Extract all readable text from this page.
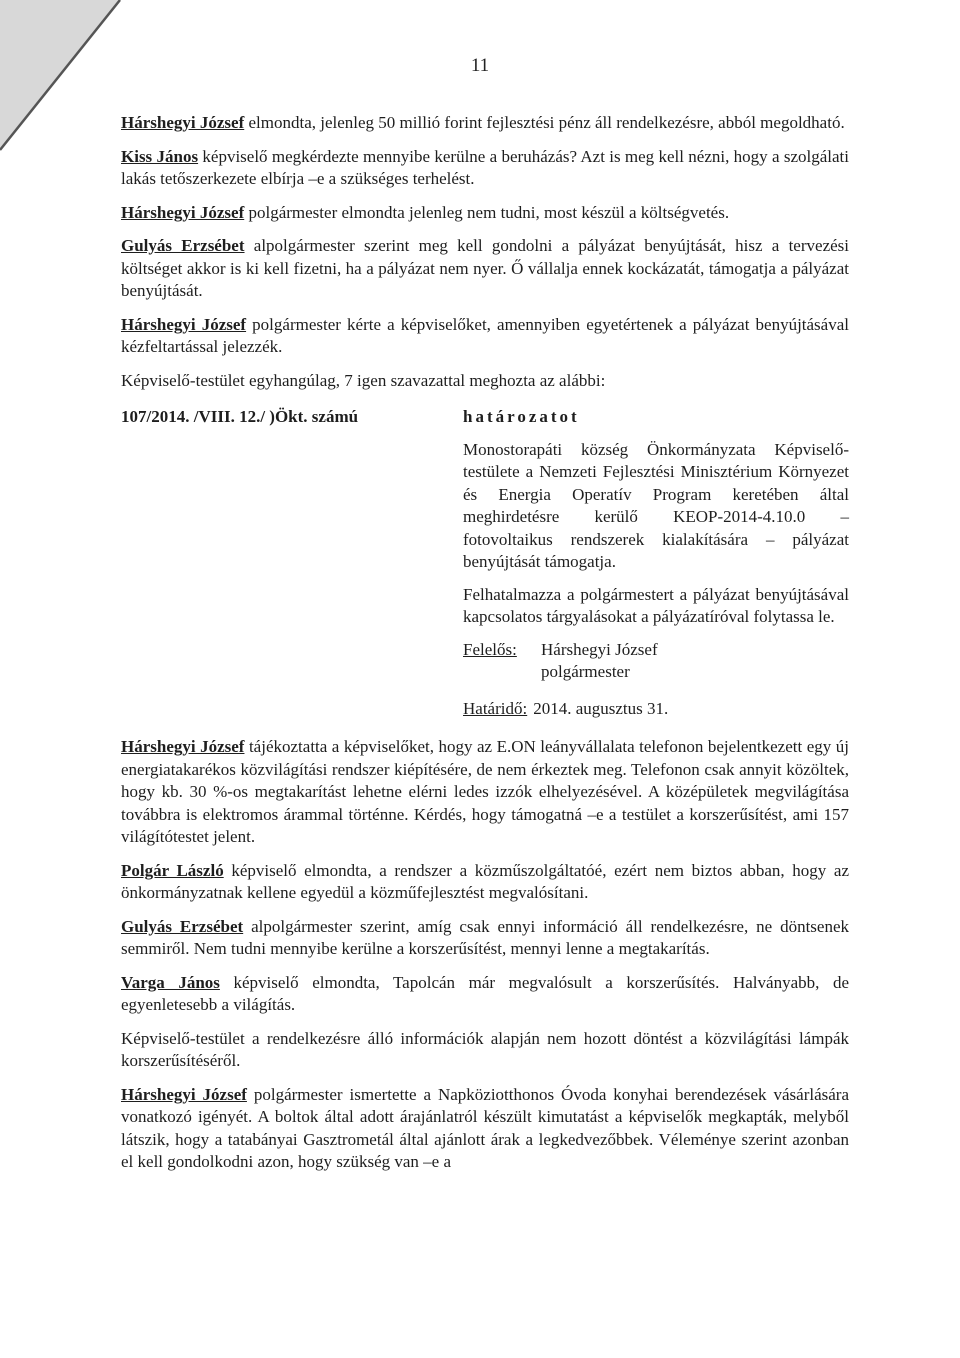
11

Hárshegyi József elmondta, jelenleg 50 millió forint fejlesztési pénz áll rendelkezésre, abból megoldható.

Kiss János képviselő megkérdezte mennyibe kerülne a beruházás? Azt is meg kell nézni, hogy a szolgálati lakás tetőszerkezete elbírja –e a szükséges terhelést.

Hárshegyi József polgármester elmondta jelenleg nem tudni, most készül a költségvetés.

Gulyás Erzsébet alpolgármester szerint meg kell gondolni a pályázat benyújtását, hisz a tervezési költséget akkor is ki kell fizetni, ha a pályázat nem nyer. Ő vállalja ennek kockázatát, támogatja a pályázat benyújtását.

Hárshegyi József polgármester kérte a képviselőket, amennyiben egyetértenek a pályázat benyújtásával kézfeltartással jelezzék.

Képviselő-testület egyhangúlag, 7 igen szavazattal meghozta az alábbi:

107/2014. /VIII. 12./ )Ökt. számú	határozatot
Monostorapáti község Önkormányzata Képviselő-testülete a Nemzeti Fejlesztési Minisztérium Környezet és Energia Operatív Program keretében által meghirdetésre kerülő KEOP-2014-4.10.0 – fotovoltaikus rendszerek kialakítására – pályázat benyújtását támogatja.
Felhatalmazza a polgármestert a pályázat benyújtásával kapcsolatos tárgyalásokat a pályázatíróval folytassa le.
Felelős:	Hárshegyi József
polgármester
Határidő: 2014. augusztus 31.

Hárshegyi József tájékoztatta a képviselőket, hogy az E.ON leányvállalata telefonon bejelentkezett egy új energiatakarékos közvilágítási rendszer kiépítésére, de nem érkeztek meg. Telefonon csak annyit közöltek, hogy kb. 30 %-os megtakarítást lehetne elérni ledes izzók elhelyezésével. A középületek megvilágítása továbbra is elektromos árammal történne. Kérdés, hogy támogatná –e a testület a korszerűsítést, ami 157 világítótestet jelent.

Polgár László képviselő elmondta, a rendszer a közműszolgáltatóé, ezért nem biztos abban, hogy az önkormányzatnak kellene egyedül a közműfejlesztést megvalósítani.

Gulyás Erzsébet alpolgármester szerint, amíg csak ennyi információ áll rendelkezésre, ne döntsenek semmiről. Nem tudni mennyibe kerülne a korszerűsítést, mennyi lenne a megtakarítás.

Varga János képviselő elmondta, Tapolcán már megvalósult a korszerűsítés. Halványabb, de egyenletesebb a világítás.

Képviselő-testület a rendelkezésre álló információk alapján nem hozott döntést a közvilágítási lámpák korszerűsítéséről.

Hárshegyi József polgármester ismertette a Napköziotthonos Óvoda konyhai berendezések vásárlására vonatkozó igényét. A boltok által adott árajánlatról készült kimutatást a képviselők megkapták, melyből látszik, hogy a tatabányai Gasztrometál által ajánlott árak a legkedvezőbbek. Véleménye szerint azonban el kell gondolkodni azon, hogy szükség van –e a
